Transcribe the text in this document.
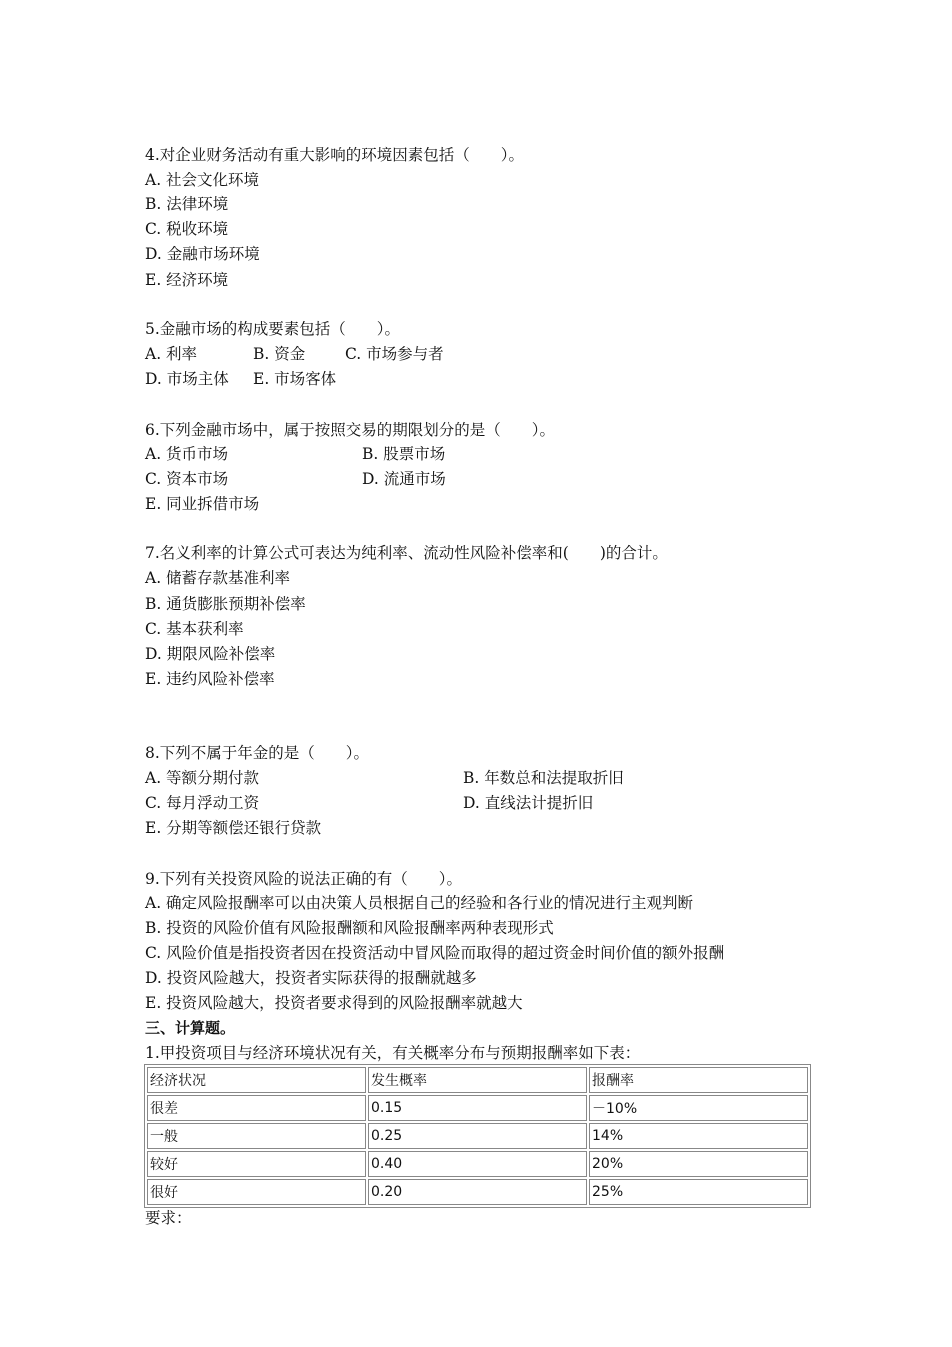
4.对企业财务活动有重大影响的环境因素包括（　　）。
A. 社会文化环境
B. 法律环境
C. 税收环境
D. 金融市场环境
E. 经济环境
5.金融市场的构成要素包括（　　）。
A. 利率	B. 资金	C. 市场参与者
D. 市场主体 E. 市场客体
6.下列金融市场中，属于按照交易的期限划分的是（　　）。
A. 货币市场	B. 股票市场
C. 资本市场	D. 流通市场
E. 同业拆借市场
7.名义利率的计算公式可表达为纯利率、流动性风险补偿率和(　　)的合计。
A. 储蓄存款基准利率
B. 通货膨胀预期补偿率
C. 基本获利率
D. 期限风险补偿率
E. 违约风险补偿率
8.下列不属于年金的是（　　）。
A. 等额分期付款	B. 年数总和法提取折旧
C. 每月浮动工资	D. 直线法计提折旧
E. 分期等额偿还银行贷款
9.下列有关投资风险的说法正确的有（　　）。
A. 确定风险报酬率可以由决策人员根据自己的经验和各行业的情况进行主观判断
B. 投资的风险价值有风险报酬额和风险报酬率两种表现形式
C. 风险价值是指投资者因在投资活动中冒风险而取得的超过资金时间价值的额外报酬
D. 投资风险越大，投资者实际获得的报酬就越多
E. 投资风险越大，投资者要求得到的风险报酬率就越大
三、计算题。
1.甲投资项目与经济环境状况有关，有关概率分布与预期报酬率如下表：
经济状况	发生概率	报酬率
很差	0.15	－10%
一般	0.25	14%
较好	0.40	20%
很好	0.20	25%
要求：
